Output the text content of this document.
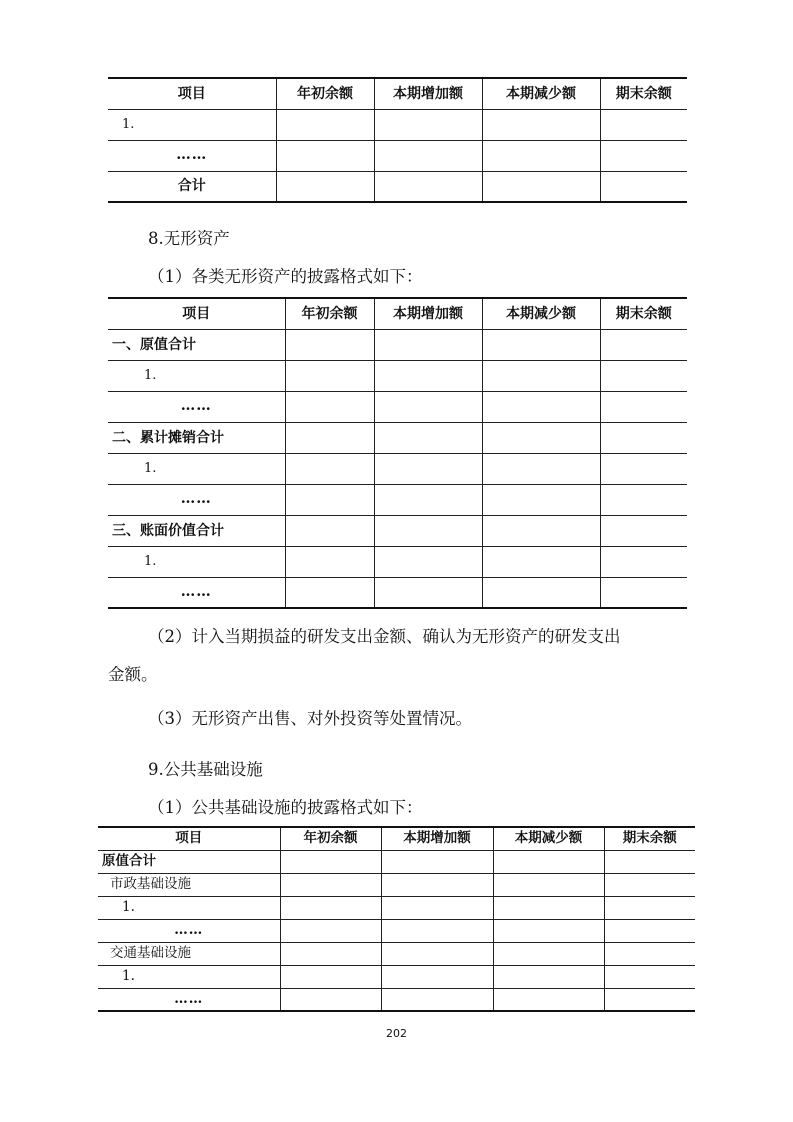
项目	年初余额	本期增加额	本期减少额	期末余额
1.				
……				
合计				
8.无形资产
（1）各类无形资产的披露格式如下：
项目	年初余额	本期增加额	本期减少额	期末余额
一、原值合计				
1.				
……				
二、累计摊销合计				
1.				
……				
三、账面价值合计				
1.				
……				
（2）计入当期损益的研发支出金额、确认为无形资产的研发支出
金额。
（3）无形资产出售、对外投资等处置情况。
9.公共基础设施
（1）公共基础设施的披露格式如下：
项目	年初余额	本期增加额	本期减少额	期末余额
原值合计				
市政基础设施				
1.				
……				
交通基础设施				
1.				
……				
202
